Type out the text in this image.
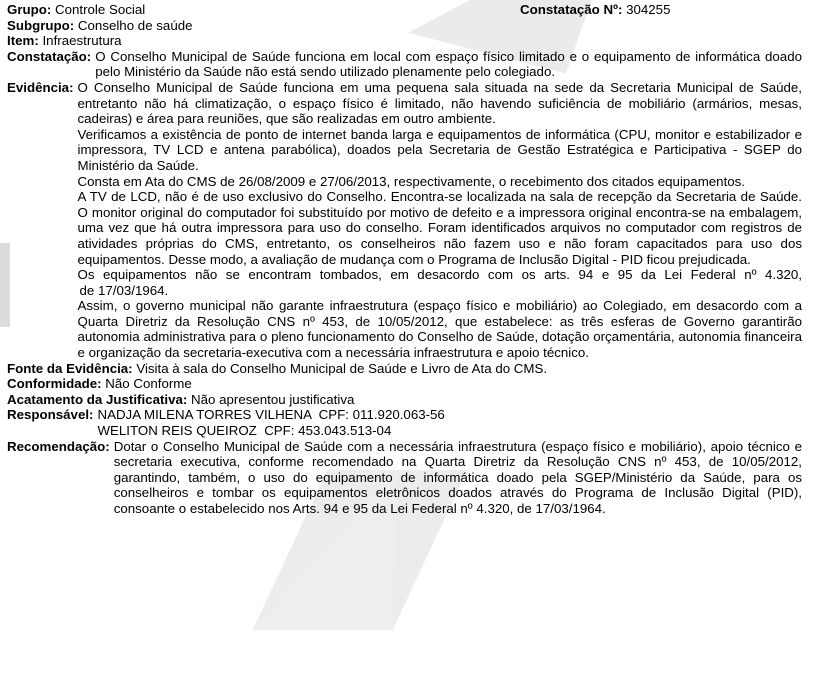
Constatação Nº: 304255
Grupo: Controle Social
Subgrupo: Conselho de saúde
Item: Infraestrutura
Constatação: O Conselho Municipal de Saúde funciona em local com espaço físico limitado e o equipamento de informática doado pelo Ministério da Saúde não está sendo utilizado plenamente pelo colegiado.
Evidência: O Conselho Municipal de Saúde funciona em uma pequena sala situada na sede da Secretaria Municipal de Saúde, entretanto não há climatização, o espaço físico é limitado, não havendo suficiência de mobiliário (armários, mesas, cadeiras) e área para reuniões, que são realizadas em outro ambiente.

Verificamos a existência de ponto de internet banda larga e equipamentos de informática (CPU, monitor e estabilizador e impressora, TV LCD e antena parabólica), doados pela Secretaria de Gestão Estratégica e Participativa - SGEP do Ministério da Saúde.

Consta em Ata do CMS de 26/08/2009 e 27/06/2013, respectivamente, o recebimento dos citados equipamentos.

A TV de LCD, não é de uso exclusivo do Conselho. Encontra-se localizada na sala de recepção da Secretaria de Saúde. O monitor original do computador foi substituído por motivo de defeito e a impressora original encontra-se na embalagem, uma vez que há outra impressora para uso do conselho. Foram identificados arquivos no computador com registros de atividades próprias do CMS, entretanto, os conselheiros não fazem uso e não foram capacitados para uso dos equipamentos. Desse modo, a avaliação de mudança com o Programa de Inclusão Digital - PID ficou prejudicada.

Os equipamentos não se encontram tombados, em desacordo com os arts. 94 e 95 da Lei Federal nº 4.320,

de 17/03/1964.

Assim, o governo municipal não garante infraestrutura (espaço físico e mobiliário) ao Colegiado, em desacordo com a Quarta Diretriz da Resolução CNS nº 453, de 10/05/2012, que estabelece: as três esferas de Governo garantirão autonomia administrativa para o pleno funcionamento do Conselho de Saúde, dotação orçamentária, autonomia financeira e organização da secretaria-executiva com a necessária infraestrutura e apoio técnico.

Fonte da Evidência: Visita à sala do Conselho Municipal de Saúde e Livro de Ata do CMS.
Conformidade: Não Conforme
Acatamento da Justificativa: Não apresentou justificativa
Responsável: NADJA MILENA TORRES VILHENA CPF: 011.920.063-56
WELITON REIS QUEIROZ CPF: 453.043.513-04
Recomendação: Dotar o Conselho Municipal de Saúde com a necessária infraestrutura (espaço físico e mobiliário), apoio técnico e secretaria executiva, conforme recomendado na Quarta Diretriz da Resolução CNS nº 453, de 10/05/2012, garantindo, também, o uso do equipamento de informática doado pela SGEP/Ministério da Saúde, para os conselheiros e tombar os equipamentos eletrônicos doados através do Programa de Inclusão Digital (PID), consoante o estabelecido nos Arts. 94 e 95 da Lei Federal nº 4.320, de 17/03/1964.
